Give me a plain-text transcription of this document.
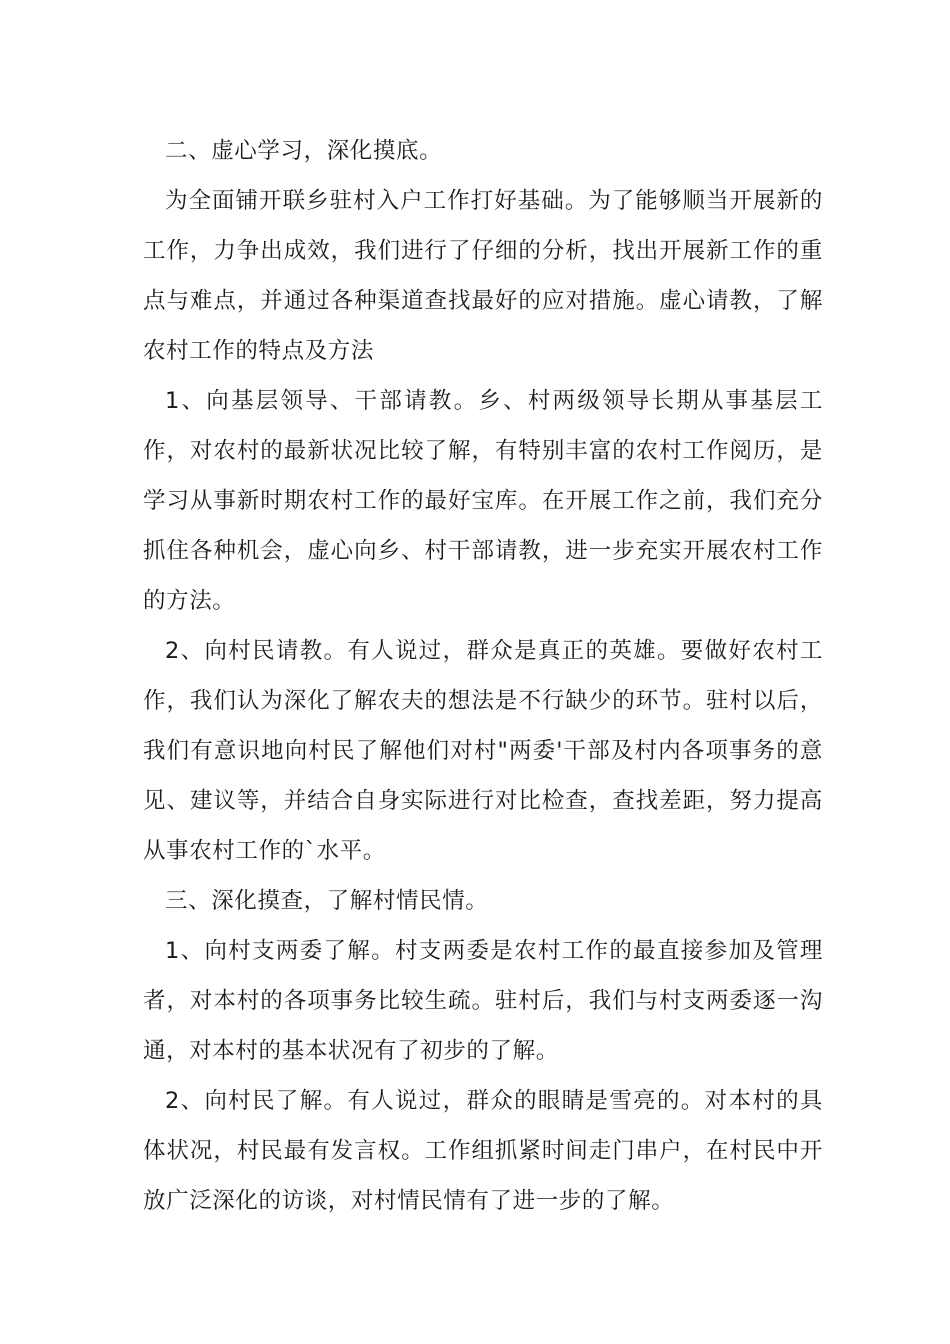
二、虚心学习，深化摸底。

为全面铺开联乡驻村入户工作打好基础。为了能够顺当开展新的工作，力争出成效，我们进行了仔细的分析，找出开展新工作的重点与难点，并通过各种渠道查找最好的应对措施。虚心请教，了解农村工作的特点及方法

1、向基层领导、干部请教。乡、村两级领导长期从事基层工作，对农村的最新状况比较了解，有特别丰富的农村工作阅历，是学习从事新时期农村工作的最好宝库。在开展工作之前，我们充分抓住各种机会，虚心向乡、村干部请教，进一步充实开展农村工作的方法。

2、向村民请教。有人说过，群众是真正的英雄。要做好农村工作，我们认为深化了解农夫的想法是不行缺少的环节。驻村以后，我们有意识地向村民了解他们对村"两委'干部及村内各项事务的意见、建议等，并结合自身实际进行对比检查，查找差距，努力提高从事农村工作的`水平。

三、深化摸查，了解村情民情。

1、向村支两委了解。村支两委是农村工作的最直接参加及管理者，对本村的各项事务比较生疏。驻村后，我们与村支两委逐一沟通，对本村的基本状况有了初步的了解。

2、向村民了解。有人说过，群众的眼睛是雪亮的。对本村的具体状况，村民最有发言权。工作组抓紧时间走门串户，在村民中开放广泛深化的访谈，对村情民情有了进一步的了解。
